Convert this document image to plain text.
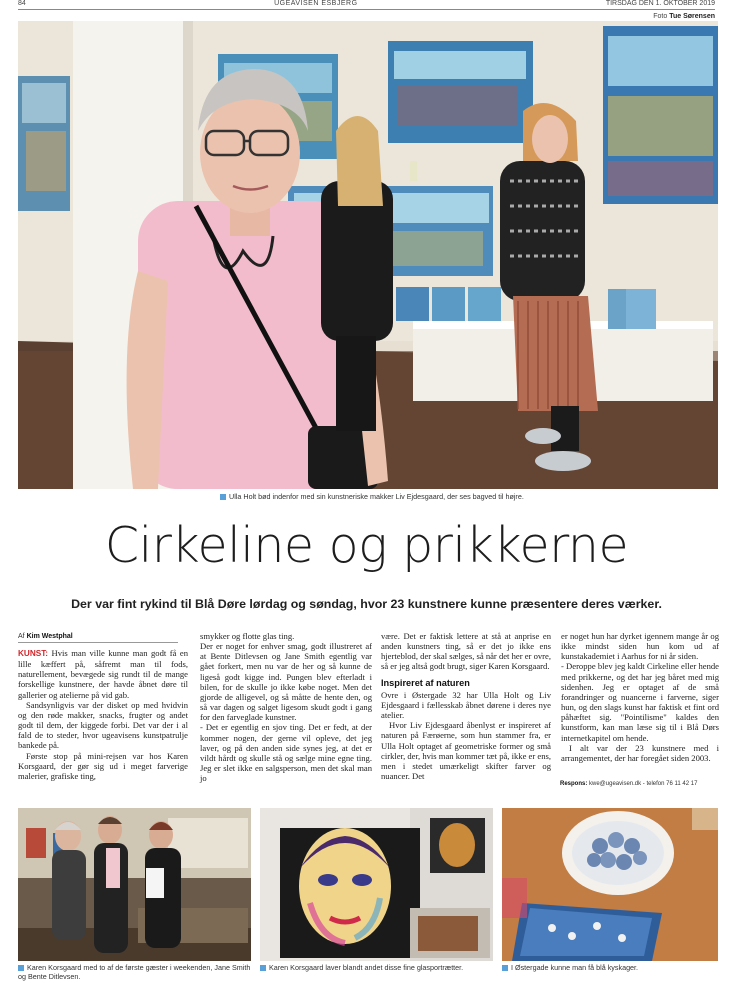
84	UGEAVISEN ESBJERG	TIRSDAG DEN 1. OKTOBER 2019
Foto Tue Sørensen
Ulla Holt bød indenfor med sin kunstneriske makker Liv Ejdesgaard, der ses bagved til højre.
Cirkeline og prikkerne
Der var fint rykind til Blå Døre lørdag og søndag, hvor 23 kunstnere kunne præsentere deres værker.
Af Kim Westphal

KUNST: Hvis man ville kunne man godt få en lille kæffert på, såfremt man til fods, naturellement, bevægede sig rundt til de mange forskellige kunstnere, der havde åbnet døre til gallerier og atelierne på vid gab.

Sandsynligvis var der disket op med hvidvin og den røde makker, snacks, frugter og andet godt til dem, der kiggede forbi. Det var der i al fald de to steder, hvor ugeavisens kunstpatrulje bankede på.

Første stop på mini-rejsen var hos Karen Korsgaard, der gør sig ud i meget farverige malerier, grafiske ting,

smykker og flotte glas ting.

Der er noget for enhver smag, godt illustreret af at Bente Ditlevsen og Jane Smith egentlig var gået forkert, men nu var de her og så kunne de ligeså godt kigge ind. Pungen blev efterladt i bilen, for de skulle jo ikke købe noget. Men det gjorde de alligevel, og så måtte de hente den, og så var dagen og salget ligesom skudt godt i gang for den farveglade kunstner.

- Det er egentlig en sjov ting. Det er fedt, at der kommer nogen, der gerne vil opleve, det jeg laver, og på den anden side synes jeg, at det er vildt hårdt og skulle stå og sælge mine egne ting. Jeg er slet ikke en salgsperson, men det skal man jo

være. Det er faktisk lettere at stå at anprise en anden kunstners ting, så er det jo ikke ens hjerteblod, der skal sælges, så når det her er ovre, så er jeg altså godt brugt, siger Karen Korsgaard.

Inspireret af naturen

Ovre i Østergade 32 har Ulla Holt og Liv Ejdesgaard i fællesskab åbnet dørene i deres nye atelier.

Hvor Liv Ejdesgaard åbenlyst er inspireret af naturen på Færøerne, som hun stammer fra, er Ulla Holt optaget af geometriske former og små cirkler, der, hvis man kommer tæt på, ikke er ens, men i stedet umærkeligt skifter farver og nuancer. Det

er noget hun har dyrket igennem mange år og ikke mindst siden hun kom ud af kunstakademiet i Aarhus for ni år siden.

- Deroppe blev jeg kaldt Cirkeline eller hende med prikkerne, og det har jeg båret med mig sidenhen. Jeg er optaget af de små forandringer og nuancerne i farverne, siger hun, og den slags kunst har faktisk et fint ord påhæftet sig. "Pointilisme" kaldes den kunstform, kan man læse sig til i Blå Dørs internetkapitel om hende.

I alt var der 23 kunstnere med i arrangementet, der har foregået siden 2003.

Respons: kwe@ugeavisen.dk - telefon 76 11 42 17
Karen Korsgaard med to af de første gæster i weekenden, Jane Smith og Bente Ditlevsen.
Karen Korsgaard laver blandt andet disse fine glasportrætter.	I Østergade kunne man få blå kyskager.
